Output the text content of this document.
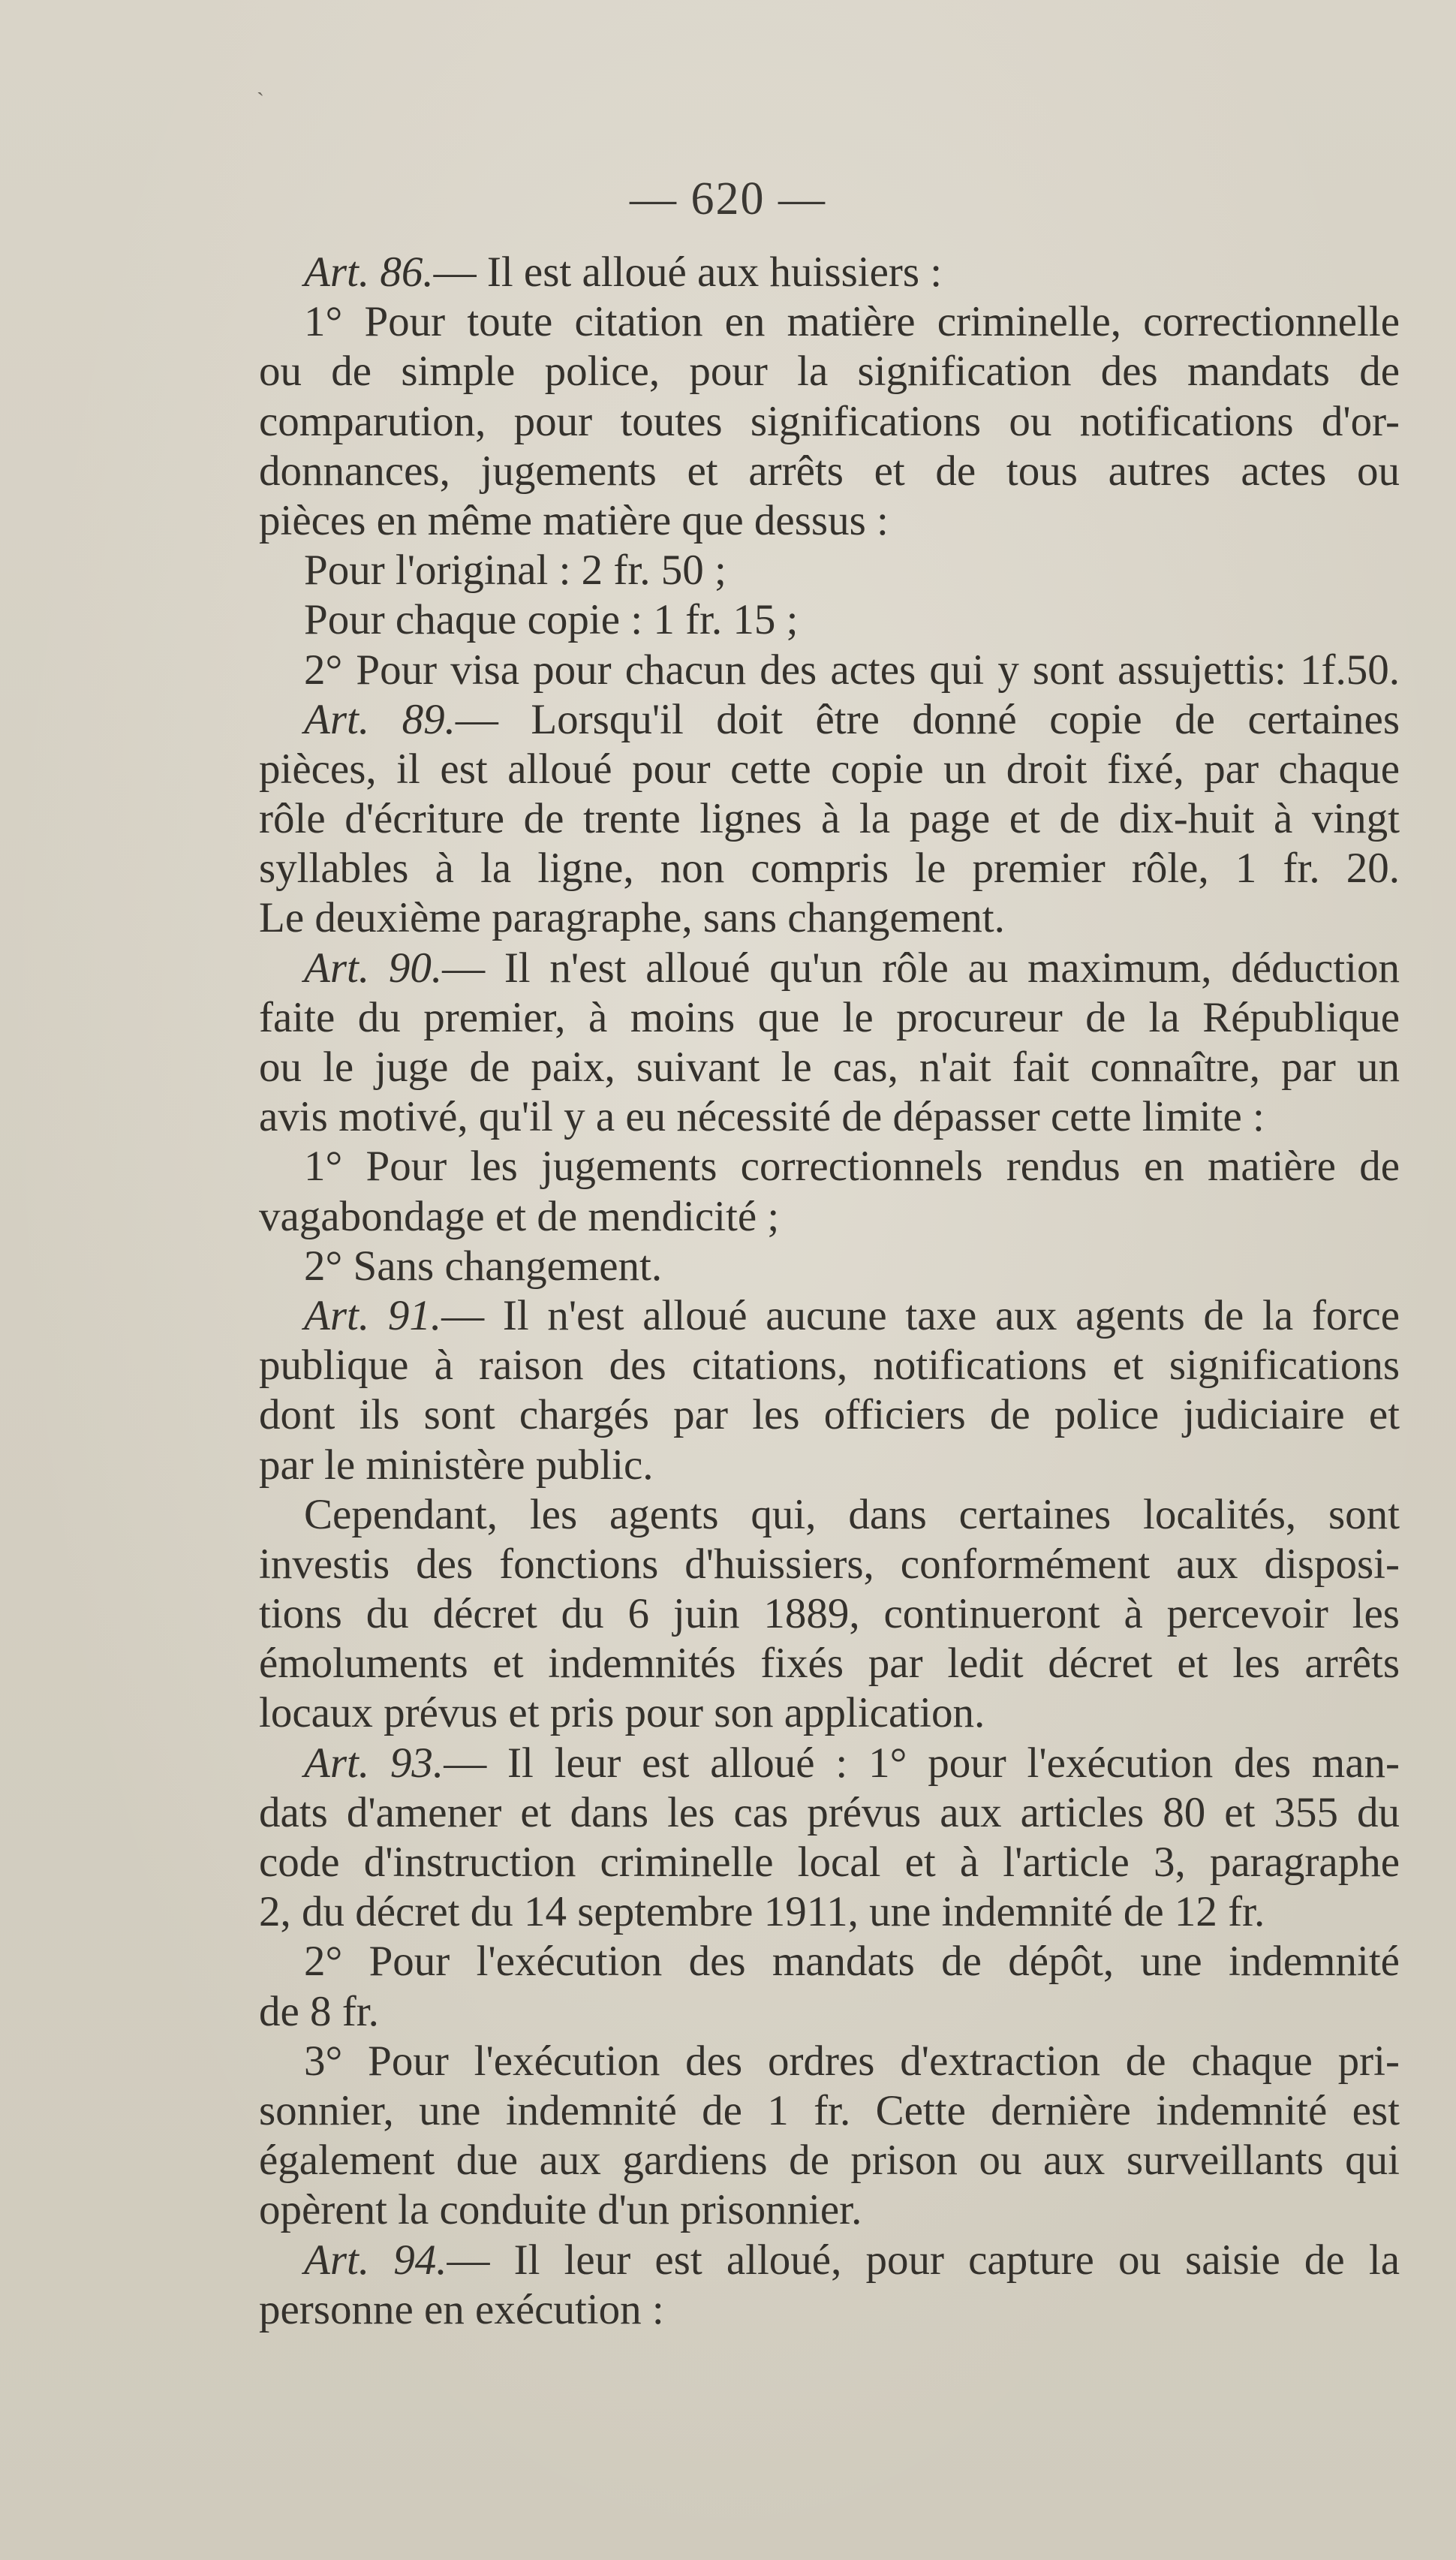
ˏ
— 620 —
Art. 86.— Il est alloué aux huissiers :
1° Pour toute citation en matière criminelle, correctionnelle
ou de simple police, pour la signification des mandats de
comparution, pour toutes significations ou notifications d'or-
donnances, jugements et arrêts et de tous autres actes ou
pièces en même matière que dessus :
Pour l'original : 2 fr. 50 ;
Pour chaque copie : 1 fr. 15 ;
2° Pour visa pour chacun des actes qui y sont assujettis: 1f.50.
Art. 89.— Lorsqu'il doit être donné copie de certaines
pièces, il est alloué pour cette copie un droit fixé, par chaque
rôle d'écriture de trente lignes à la page et de dix-huit à vingt
syllables à la ligne, non compris le premier rôle, 1 fr. 20.
Le deuxième paragraphe, sans changement.
Art. 90.— Il n'est alloué qu'un rôle au maximum, déduction
faite du premier, à moins que le procureur de la République
ou le juge de paix, suivant le cas, n'ait fait connaître, par un
avis motivé, qu'il y a eu nécessité de dépasser cette limite :
1° Pour les jugements correctionnels rendus en matière de
vagabondage et de mendicité ;
2° Sans changement.
Art. 91.— Il n'est alloué aucune taxe aux agents de la force
publique à raison des citations, notifications et significations
dont ils sont chargés par les officiers de police judiciaire et
par le ministère public.
Cependant, les agents qui, dans certaines localités, sont
investis des fonctions d'huissiers, conformément aux disposi-
tions du décret du 6 juin 1889, continueront à percevoir les
émoluments et indemnités fixés par ledit décret et les arrêts
locaux prévus et pris pour son application.
Art. 93.— Il leur est alloué : 1° pour l'exécution des man-
dats d'amener et dans les cas prévus aux articles 80 et 355 du
code d'instruction criminelle local et à l'article 3, paragraphe
2, du décret du 14 septembre 1911, une indemnité de 12 fr.
2° Pour l'exécution des mandats de dépôt, une indemnité
de 8 fr.
3° Pour l'exécution des ordres d'extraction de chaque pri-
sonnier, une indemnité de 1 fr. Cette dernière indemnité est
également due aux gardiens de prison ou aux surveillants qui
opèrent la conduite d'un prisonnier.
Art. 94.— Il leur est alloué, pour capture ou saisie de la
personne en exécution :
